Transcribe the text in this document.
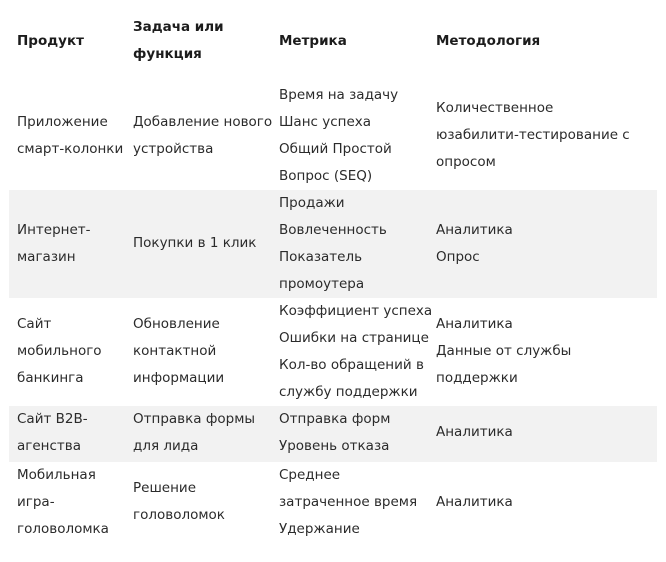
Продукт
Задача или
функция
Метрика	Методология
Приложение
смарт-колонки
Добавление нового
устройства
Время на задачу
Шанс успеха
Общий Простой
Вопрос (SEQ)
Количественное
юзабилити-тестирование с
опросом
Интернет-
магазин
Покупки в 1 клик
Продажи
Вовлеченность
Показатель
промоутера
Аналитика
Опрос
Сайт
мобильного
банкинга
Обновление
контактной
информации
Коэффициент успеха
Ошибки на странице
Кол-во обращений в
службу поддержки
Аналитика
Данные от службы
поддержки
Сайт B2B-
агенства
Отправка формы
для лида
Отправка форм
Уровень отказа
Аналитика
Мобильная
игра-
головоломка
Решение
головоломок
Среднее
затраченное время
Удержание
Аналитика
